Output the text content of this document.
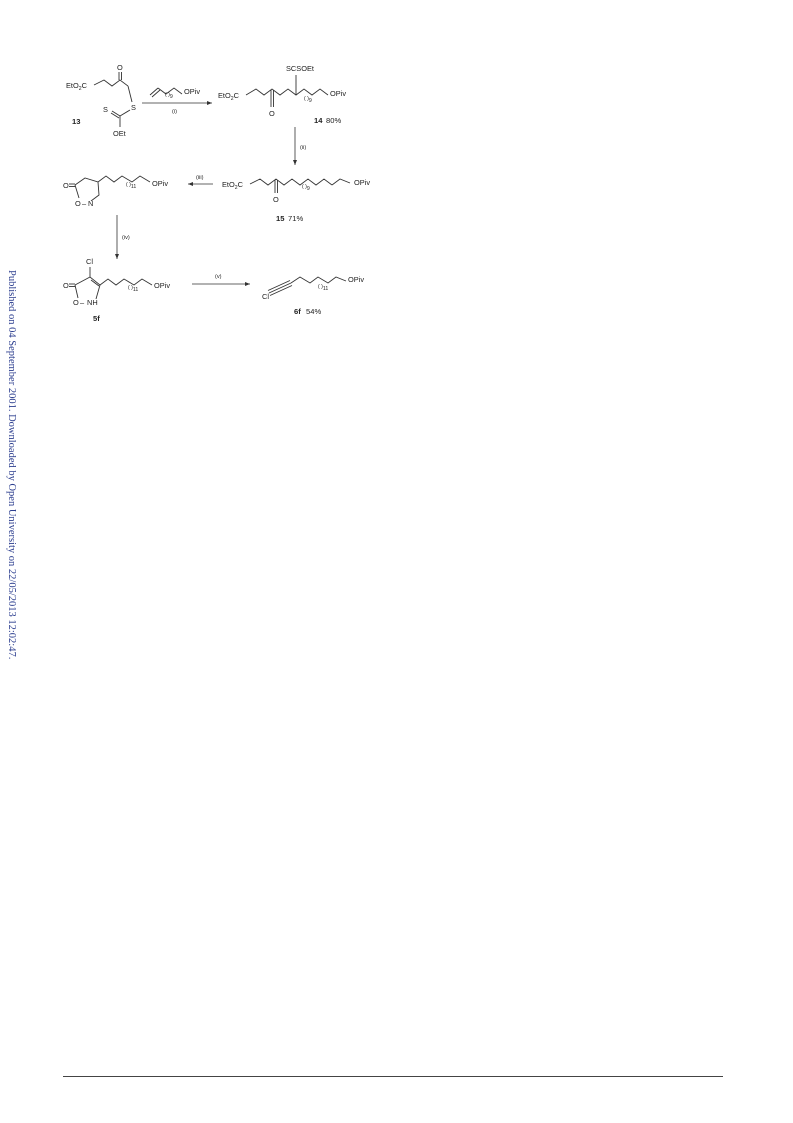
Published on 04 September 2001. Downloaded by Open University on 22/05/2013 12:02:47.
EtO$_2$C
O
S
S
OEt
13
( )9
OPiv
(i)
EtO$_2$C
O
SCSOEt
( )9
OPiv
14 80%
(ii)
EtO$_2$C
O
( )9
OPiv
15 71%
(iii)
O
O – N
( )11 OPiv
(iv)
Cl
O
O – NH
( )11 OPiv
5f
(v)
Cl
( )11
OPiv
6f 54%
